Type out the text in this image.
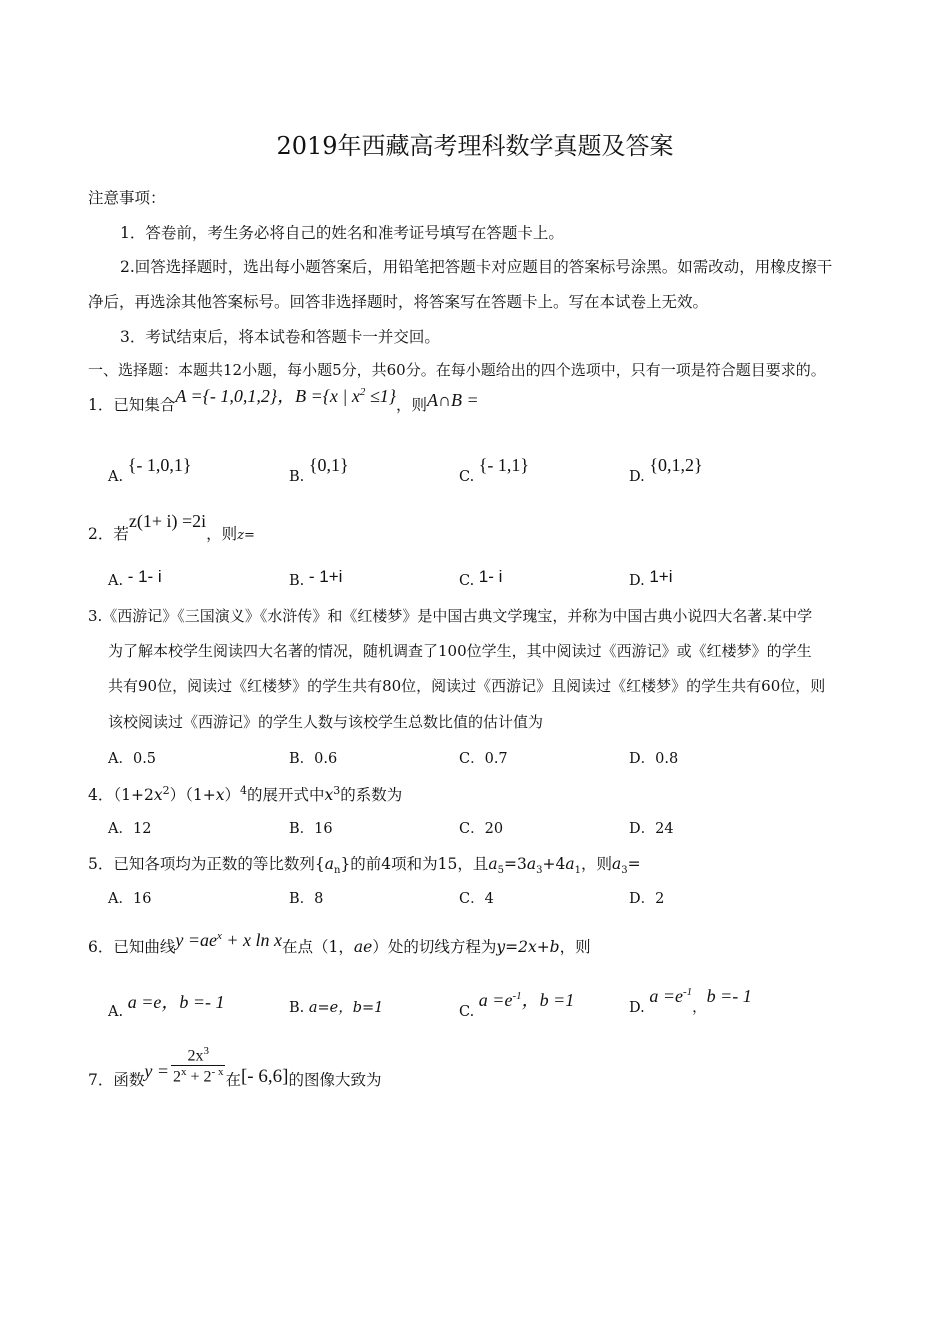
2019年西藏高考理科数学真题及答案
注意事项：
1．答卷前，考生务必将自己的姓名和准考证号填写在答题卡上。
2.回答选择题时，选出每小题答案后，用铅笔把答题卡对应题目的答案标号涂黑。如需改动，用橡皮擦干
净后，再选涂其他答案标号。回答非选择题时，将答案写在答题卡上。写在本试卷上无效。
3．考试结束后，将本试卷和答题卡一并交回。
一、选择题：本题共12小题，每小题5分，共60分。在每小题给出的四个选项中，只有一项是符合题目要求的。
1．已知集合A ={- 1,0,1,2}，B ={x | $x^2 \le 1$}，则A∩B =
A. {- 1,0,1}
B. {0,1}
C. {- 1,1}
D. {0,1,2}
2．若z(1+ i) =2i，则z=
A. - 1- i	B. - 1+i	C. 1- i	D. 1+i
3.《西游记》《三国演义》《水浒传》和《红楼梦》是中国古典文学瑰宝，并称为中国古典小说四大名著.某中学
为了解本校学生阅读四大名著的情况，随机调查了100位学生，其中阅读过《西游记》或《红楼梦》的学生
共有90位，阅读过《红楼梦》的学生共有80位，阅读过《西游记》且阅读过《红楼梦》的学生共有60位，则
该校阅读过《西游记》的学生人数与该校学生总数比值的估计值为
A．0.5	B．0.6	C．0.7	D．0.8
4．$(1+2x^2)(1+x)^4$的展开式中$x^3$的系数为
A．12	B．16	C．20	D．24
5．已知各项均为正数的等比数列$\{a_n\}$的前4项和为15，且$a_5=3a_3+4a_1$，则$a_3=$
A．16	B．8	C．4	D．2
6．已知曲线$y =ae^x + x$ ln x在点（1，ae）处的切线方程为y=2x+b，则
A. a =e，b =- 1	B. a=e，b=1	C. $a =e^{-1}$，b =1	D. $a =e^{-1}$，b =- 1
7．函数 $y = \frac{2x^3}{2^x + 2^{- x}}$ 在 [- 6,6] 的图像大致为
